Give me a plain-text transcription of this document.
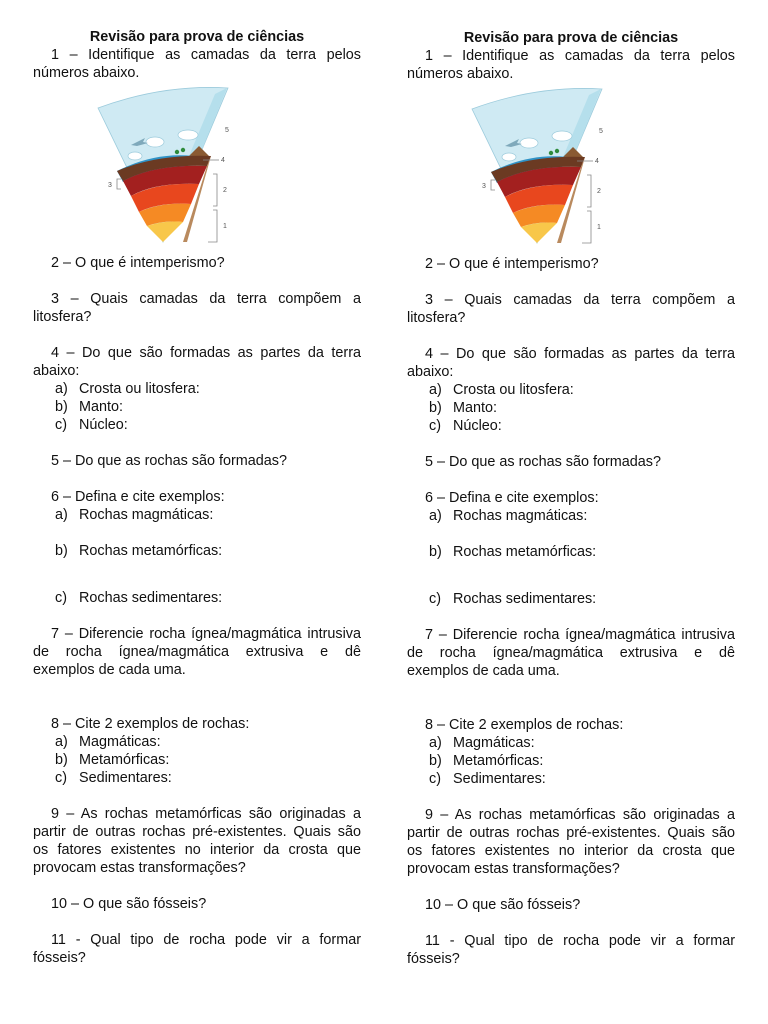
Revisão para prova de ciências

1 – Identifique as camadas da terra pelos números abaixo.

5
4
3
2
1

2 – O que é intemperismo?

3 – Quais camadas da terra compõem a litosfera?

4 – Do que são formadas as partes da terra abaixo:

a) Crosta ou litosfera:
b) Manto:
c) Núcleo:

5 – Do que as rochas são formadas?

6 – Defina e cite exemplos:

a) Rochas magmáticas:
b) Rochas metamórficas:
c) Rochas sedimentares:

7 – Diferencie rocha ígnea/magmática intrusiva de rocha ígnea/magmática extrusiva e dê exemplos de cada uma.

8 – Cite 2 exemplos de rochas:

a) Magmáticas:
b) Metamórficas:
c) Sedimentares:

9 – As rochas metamórficas são originadas a partir de outras rochas pré-existentes. Quais são os fatores existentes no interior da crosta que provocam estas transformações?

10 – O que são fósseis?

11 - Qual tipo de rocha pode vir a formar fósseis?

Revisão para prova de ciências

1 – Identifique as camadas da terra pelos números abaixo.

5
4
3
2
1

2 – O que é intemperismo?

3 – Quais camadas da terra compõem a litosfera?

4 – Do que são formadas as partes da terra abaixo:

a) Crosta ou litosfera:
b) Manto:
c) Núcleo:

5 – Do que as rochas são formadas?

6 – Defina e cite exemplos:

a) Rochas magmáticas:
b) Rochas metamórficas:
c) Rochas sedimentares:

7 – Diferencie rocha ígnea/magmática intrusiva de rocha ígnea/magmática extrusiva e dê exemplos de cada uma.

8 – Cite 2 exemplos de rochas:

a) Magmáticas:
b) Metamórficas:
c) Sedimentares:

9 – As rochas metamórficas são originadas a partir de outras rochas pré-existentes. Quais são os fatores existentes no interior da crosta que provocam estas transformações?

10 – O que são fósseis?

11 - Qual tipo de rocha pode vir a formar fósseis?
